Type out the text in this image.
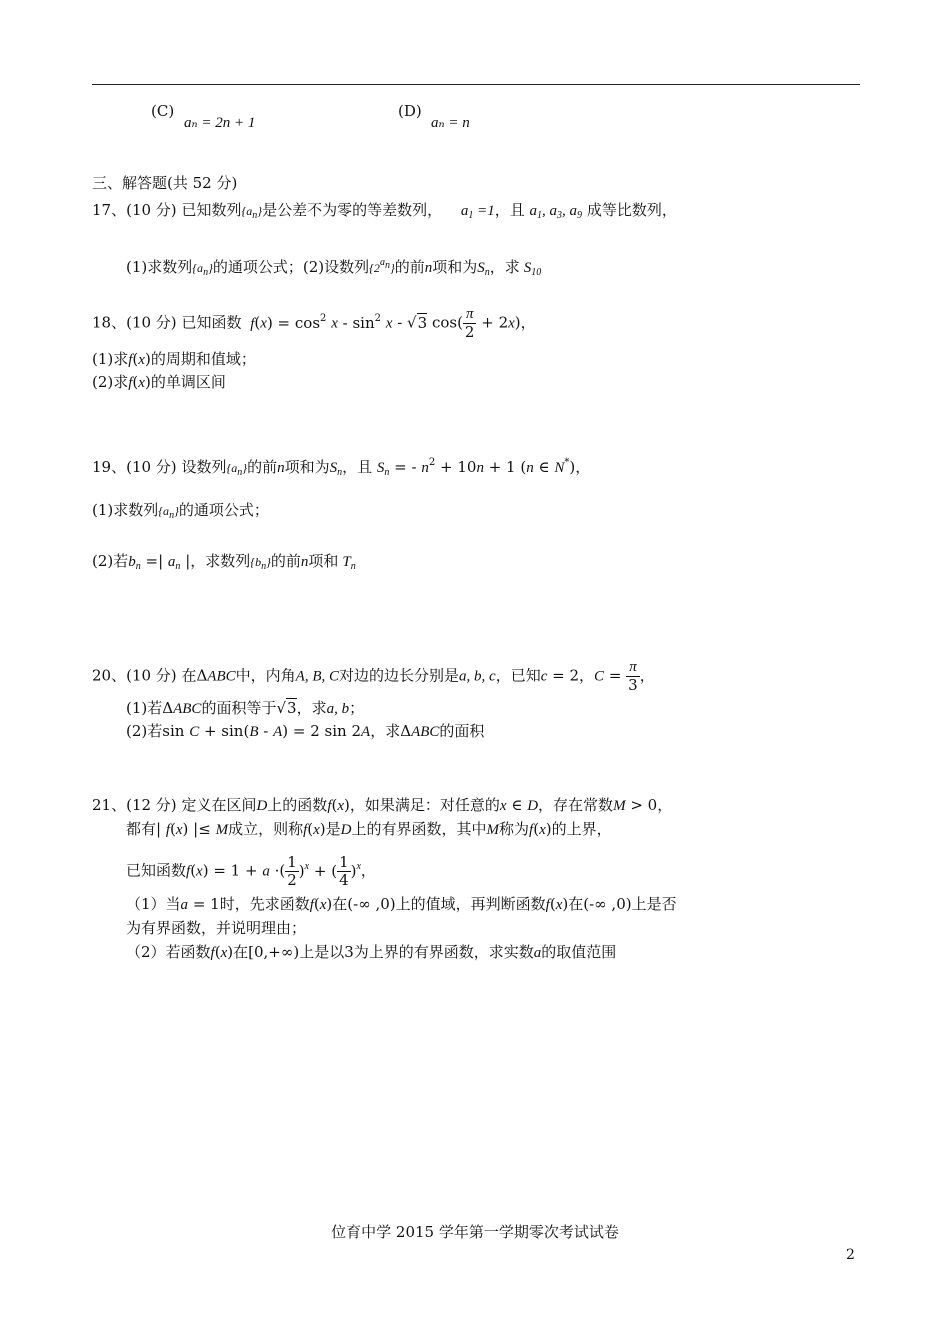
(C)
aₙ = 2n + 1
(D)
aₙ = n
三、解答题(共 52 分)
17、(10 分) 已知数列$\{a_n\}$是公差不为零的等差数列， $a_1 =1$，且 $a_1$, $a_3$, $a_9$ 成等比数列，
(1)求数列$\{a_n\}$的通项公式；(2)设数列$\{2^{a_n}\}$的前n项和为$S_n$，求 $S_{10}$
18、(10 分) 已知函数 $f(x) = \cos^2 x - \sin^2 x - √3$ $\cos( \frac{\pi}{2} + 2x)$，
(1)求f(x)的周期和值域；
(2)求f(x)的单调区间
19、(10 分) 设数列$\{a_n\}$的前n项和为$S_n$，且 $S_n$ = - $n^2 + 10n + 1$ (n ∈ N*)，
(1)求数列$\{a_n\}$的通项公式；
(2)若$b_n$ =| $a_n$ |，求数列$\{b_n\}$的前n项和 $T_n$
20、(10 分) 在ΔABC中，内角A, B, C对边的边长分别是a, b, c，已知c = 2，$C = \frac{\pi}{3}$ ，
(1)若ΔABC的面积等于√3，求a, b；
(2)若sin C + sin(B - A) = 2 sin 2A，求ΔABC的面积
21、(12 分) 定义在区间D上的函数f(x)，如果满足：对任意的x ∈ D，存在常数M > 0，
都有| f(x) |≤ M成立，则称f(x)是D上的有界函数，其中M称为f(x)的上界，
已知函数f(x) = 1 + a ·( $\frac{1}{2} )^x$ + ( $\frac{1}{4} )^x$，
（1）当a = 1时，先求函数f(x)在(-∞ ,0)上的值域，再判断函数f(x)在(-∞ ,0)上是否
为有界函数，并说明理由；
（2）若函数f(x)在[0,+∞)上是以3为上界的有界函数，求实数a的取值范围
位育中学 2015 学年第一学期零次考试试卷
2
